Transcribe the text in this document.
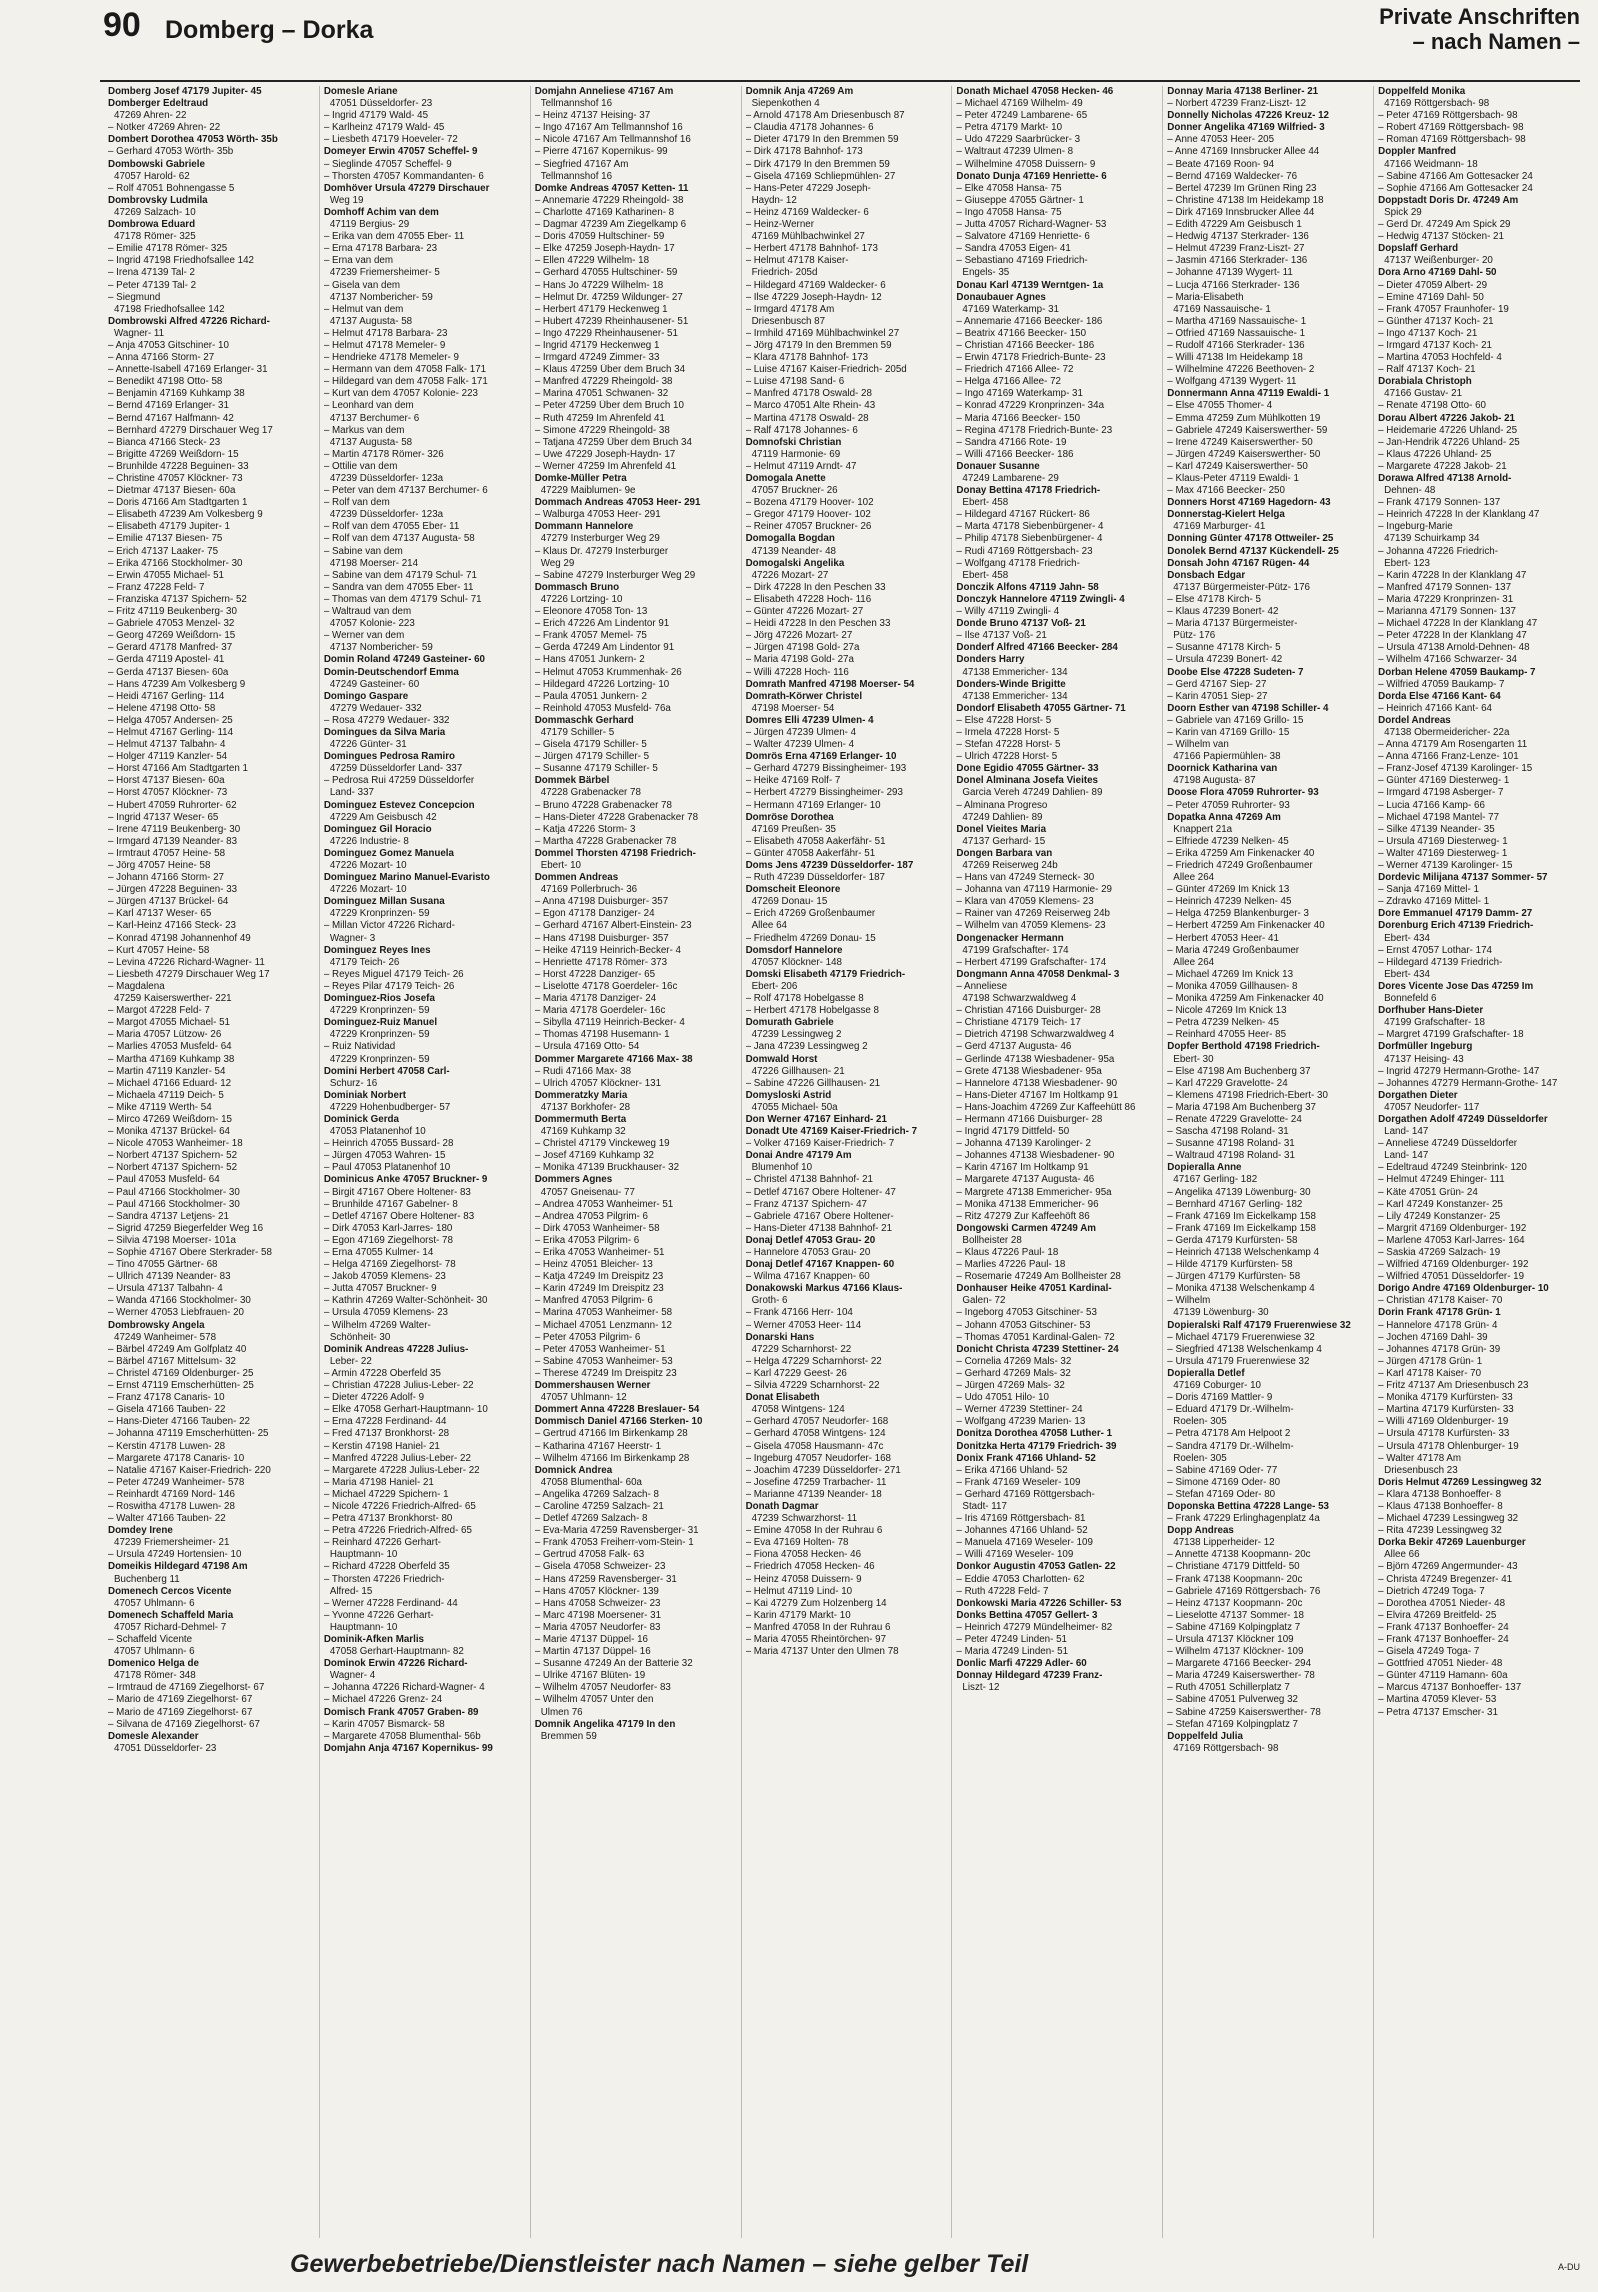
90 Domberg – Dorka	Private Anschriften
– nach Namen –
Domberg Josef 47179 Jupiter- 45
Domberger Edeltraud
47269 Ahren- 22
– Notker 47269 Ahren- 22
Dombert Dorothea 47053 Wörth- 35b
– Gerhard 47053 Wörth- 35b
Dombowski Gabriele
47057 Harold- 62
– Rolf 47051 Bohnengasse 5
Dombrovsky Ludmila
47269 Salzach- 10
Dombrowa Eduard
47178 Römer- 325
– Emilie 47178 Römer- 325
– Ingrid 47198 Friedhofsallee 142
– Irena 47139 Tal- 2
– Peter 47139 Tal- 2
– Siegmund
47198 Friedhofsallee 142
Dombrowski Alfred 47226 Richard-
Wagner- 11
– Anja 47053 Gitschiner- 10
– Anna 47166 Storm- 27
– Annette-Isabell 47169 Erlanger- 31
– Benedikt 47198 Otto- 58
– Benjamin 47169 Kuhkamp 38
– Bernd 47169 Erlanger- 31
– Bernd 47167 Halfmann- 42
– Bernhard 47279 Dirschauer Weg 17
– Bianca 47166 Steck- 23
– Brigitte 47269 Weißdorn- 15
– Brunhilde 47228 Beguinen- 33
– Christine 47057 Klöckner- 73
– Dietmar 47137 Biesen- 60a
– Doris 47166 Am Stadtgarten 1
– Elisabeth 47239 Am Volkesberg 9
– Elisabeth 47179 Jupiter- 1
– Emilie 47137 Biesen- 75
– Erich 47137 Laaker- 75
– Erika 47166 Stockholmer- 30
– Erwin 47055 Michael- 51
– Franz 47228 Feld- 7
– Franziska 47137 Spichern- 52
– Fritz 47119 Beukenberg- 30
– Gabriele 47053 Menzel- 32
– Georg 47269 Weißdorn- 15
– Gerard 47178 Manfred- 37
– Gerda 47119 Apostel- 41
– Gerda 47137 Biesen- 60a
– Hans 47239 Am Volkesberg 9
– Heidi 47167 Gerling- 114
– Helene 47198 Otto- 58
– Helga 47057 Andersen- 25
– Helmut 47167 Gerling- 114
– Helmut 47137 Talbahn- 4
– Holger 47119 Kanzler- 54
– Horst 47166 Am Stadtgarten 1
– Horst 47137 Biesen- 60a
– Horst 47057 Klöckner- 73
– Hubert 47059 Ruhrorter- 62
– Ingrid 47137 Weser- 65
– Irene 47119 Beukenberg- 30
– Irmgard 47139 Neander- 83
– Irmtraut 47057 Heine- 58
– Jörg 47057 Heine- 58
– Johann 47166 Storm- 27
– Jürgen 47228 Beguinen- 33
– Jürgen 47137 Brückel- 64
– Karl 47137 Weser- 65
– Karl-Heinz 47166 Steck- 23
– Konrad 47198 Johannenhof 49
– Kurt 47057 Heine- 58
– Levina 47226 Richard-Wagner- 11
– Liesbeth 47279 Dirschauer Weg 17
– Magdalena
47259 Kaiserswerther- 221
– Margot 47228 Feld- 7
– Margot 47055 Michael- 51
– Maria 47057 Lützow- 26
– Marlies 47053 Musfeld- 64
– Martha 47169 Kuhkamp 38
– Martin 47119 Kanzler- 54
– Michael 47166 Eduard- 12
– Michaela 47119 Deich- 5
– Mike 47119 Werth- 54
– Mirco 47269 Weißdorn- 15
– Monika 47137 Brückel- 64
– Nicole 47053 Wanheimer- 18
– Norbert 47137 Spichern- 52
– Norbert 47137 Spichern- 52
– Paul 47053 Musfeld- 64
– Paul 47166 Stockholmer- 30
– Paul 47166 Stockholmer- 30
– Sandra 47137 Letjens- 21
– Sigrid 47259 Biegerfelder Weg 16
– Silvia 47198 Moerser- 101a
– Sophie 47167 Obere Sterkrader- 58
– Tino 47055 Gärtner- 68
– Ullrich 47139 Neander- 83
– Ursula 47137 Talbahn- 4
– Wanda 47166 Stockholmer- 30
– Werner 47053 Liebfrauen- 20
Dombrowsky Angela
47249 Wanheimer- 578
– Bärbel 47249 Am Golfplatz 40
– Bärbel 47167 Mittelsum- 32
– Christel 47169 Oldenburger- 25
– Ernst 47119 Emscherhütten- 25
– Franz 47178 Canaris- 10
– Gisela 47166 Tauben- 22
– Hans-Dieter 47166 Tauben- 22
– Johanna 47119 Emscherhütten- 25
– Kerstin 47178 Luwen- 28
– Margarete 47178 Canaris- 10
– Natalie 47167 Kaiser-Friedrich- 220
– Peter 47249 Wanheimer- 578
– Reinhardt 47169 Nord- 146
– Roswitha 47178 Luwen- 28
– Walter 47166 Tauben- 22
Domdey Irene
47239 Friemersheimer- 21
– Ursula 47249 Hortensien- 10
Domeikis Hildegard 47198 Am
Buchenberg 11
Domenech Cercos Vicente
47057 Uhlmann- 6
Domenech Schaffeld Maria
47057 Richard-Dehmel- 7
– Schaffeld Vicente
47057 Uhlmann- 6
Domenico Helga de
47178 Römer- 348
– Irmtraud de 47169 Ziegelhorst- 67
– Mario de 47169 Ziegelhorst- 67
– Mario de 47169 Ziegelhorst- 67
– Silvana de 47169 Ziegelhorst- 67
Domesle Alexander
47051 Düsseldorfer- 23
Domesle Ariane
47051 Düsseldorfer- 23
– Ingrid 47179 Wald- 45
– Karlheinz 47179 Wald- 45
– Liesbeth 47179 Hoeveler- 72
Domeyer Erwin 47057 Scheffel- 9
– Sieglinde 47057 Scheffel- 9
– Thorsten 47057 Kommandanten- 6
Domhöver Ursula 47279 Dirschauer
Weg 19
Domhoff Achim van dem
47119 Bergius- 29
– Erika van dem 47055 Eber- 11
– Erna 47178 Barbara- 23
– Erna van dem
47239 Friemersheimer- 5
– Gisela van dem
47137 Nombericher- 59
– Helmut van dem
47137 Augusta- 58
– Helmut 47178 Barbara- 23
– Helmut 47178 Memeler- 9
– Hendrieke 47178 Memeler- 9
– Hermann van dem 47058 Falk- 171
– Hildegard van dem 47058 Falk- 171
– Kurt van dem 47057 Kolonie- 223
– Leonhard van dem
47137 Berchumer- 6
– Markus van dem
47137 Augusta- 58
– Martin 47178 Römer- 326
– Ottilie van dem
47239 Düsseldorfer- 123a
– Peter van dem 47137 Berchumer- 6
– Rolf van dem
47239 Düsseldorfer- 123a
– Rolf van dem 47055 Eber- 11
– Rolf van dem 47137 Augusta- 58
– Sabine van dem
47198 Moerser- 214
– Sabine van dem 47179 Schul- 71
– Sandra van dem 47055 Eber- 11
– Thomas van dem 47179 Schul- 71
– Waltraud van dem
47057 Kolonie- 223
– Werner van dem
47137 Nombericher- 59
Domin Roland 47249 Gasteiner- 60
Domin-Deutschendorf Emma
47249 Gasteiner- 60
Domingo Gaspare
47279 Wedauer- 332
– Rosa 47279 Wedauer- 332
Domingues da Silva Maria
47226 Günter- 31
Domingues Pedrosa Ramiro
47259 Düsseldorfer Land- 337
– Pedrosa Rui 47259 Düsseldorfer
Land- 337
Dominguez Estevez Concepcion
47229 Am Geisbusch 42
Dominguez Gil Horacio
47226 Industrie- 8
Dominguez Gomez Manuela
47226 Mozart- 10
Dominguez Marino Manuel-Evaristo
47226 Mozart- 10
Dominguez Millan Susana
47229 Kronprinzen- 59
– Millan Victor 47226 Richard-
Wagner- 3
Dominguez Reyes Ines
47179 Teich- 26
– Reyes Miguel 47179 Teich- 26
– Reyes Pilar 47179 Teich- 26
Dominguez-Rios Josefa
47229 Kronprinzen- 59
Dominguez-Ruiz Manuel
47229 Kronprinzen- 59
– Ruiz Natividad
47229 Kronprinzen- 59
Domini Herbert 47058 Carl-
Schurz- 16
Dominiak Norbert
47229 Hohenbudberger- 57
Dominick Gerda
47053 Platanenhof 10
– Heinrich 47055 Bussard- 28
– Jürgen 47053 Wahren- 15
– Paul 47053 Platanenhof 10
Dominicus Anke 47057 Bruckner- 9
– Birgit 47167 Obere Holtener- 83
– Brunhilde 47167 Gabelner- 8
– Detlef 47167 Obere Holtener- 83
– Dirk 47053 Karl-Jarres- 180
– Egon 47169 Ziegelhorst- 78
– Erna 47055 Kulmer- 14
– Helga 47169 Ziegelhorst- 78
– Jakob 47059 Klemens- 23
– Jutta 47057 Bruckner- 9
– Kathrin 47269 Walter-Schönheit- 30
– Ursula 47059 Klemens- 23
– Wilhelm 47269 Walter-
Schönheit- 30
Dominik Andreas 47228 Julius-
Leber- 22
– Armin 47228 Oberfeld 35
– Christian 47228 Julius-Leber- 22
– Dieter 47226 Adolf- 9
– Elke 47058 Gerhart-Hauptmann- 10
– Erna 47228 Ferdinand- 44
– Fred 47137 Bronkhorst- 28
– Kerstin 47198 Haniel- 21
– Manfred 47228 Julius-Leber- 22
– Margarete 47228 Julius-Leber- 22
– Maria 47198 Haniel- 21
– Michael 47229 Spichern- 1
– Nicole 47226 Friedrich-Alfred- 65
– Petra 47137 Bronkhorst- 80
– Petra 47226 Friedrich-Alfred- 65
– Reinhard 47226 Gerhart-
Hauptmann- 10
– Richard 47228 Oberfeld 35
– Thorsten 47226 Friedrich-
Alfred- 15
– Werner 47228 Ferdinand- 44
– Yvonne 47226 Gerhart-
Hauptmann- 10
Dominik-Afken Marlis
47058 Gerhart-Hauptmann- 82
Dominok Erwin 47226 Richard-
Wagner- 4
– Johanna 47226 Richard-Wagner- 4
– Michael 47226 Grenz- 24
Domisch Frank 47057 Graben- 89
– Karin 47057 Bismarck- 58
– Margarete 47058 Blumenthal- 56b
Domjahn Anja 47167 Kopernikus- 99
Domjahn Anneliese 47167 Am
Tellmannshof 16
– Heinz 47137 Heising- 37
– Ingo 47167 Am Tellmannshof 16
– Nicole 47167 Am Tellmannshof 16
– Pierre 47167 Kopernikus- 99
– Siegfried 47167 Am
Tellmannshof 16
Domke Andreas 47057 Ketten- 11
– Annemarie 47229 Rheingold- 38
– Charlotte 47169 Katharinen- 8
– Dagmar 47239 Am Ziegelkamp 6
– Doris 47059 Hultschiner- 59
– Elke 47259 Joseph-Haydn- 17
– Ellen 47229 Wilhelm- 18
– Gerhard 47055 Hultschiner- 59
– Hans Jo 47229 Wilhelm- 18
– Helmut Dr. 47259 Wildunger- 27
– Herbert 47179 Heckenweg 1
– Hubert 47239 Rheinhausener- 51
– Ingo 47229 Rheinhausener- 51
– Ingrid 47179 Heckenweg 1
– Irmgard 47249 Zimmer- 33
– Klaus 47259 Über dem Bruch 34
– Manfred 47229 Rheingold- 38
– Marina 47051 Schwanen- 32
– Peter 47259 Über dem Bruch 10
– Ruth 47259 Im Ahrenfeld 41
– Simone 47229 Rheingold- 38
– Tatjana 47259 Über dem Bruch 34
– Uwe 47229 Joseph-Haydn- 17
– Werner 47259 Im Ahrenfeld 41
Domke-Müller Petra
47229 Maiblumen- 9e
Dommach Andreas 47053 Heer- 291
– Walburga 47053 Heer- 291
Dommann Hannelore
47279 Insterburger Weg 29
– Klaus Dr. 47279 Insterburger
Weg 29
– Sabine 47279 Insterburger Weg 29
Dommasch Bruno
47226 Lortzing- 10
– Eleonore 47058 Ton- 13
– Erich 47226 Am Lindentor 91
– Frank 47057 Memel- 75
– Gerda 47249 Am Lindentor 91
– Hans 47051 Junkern- 2
– Helmut 47053 Krummenhak- 26
– Hildegard 47226 Lortzing- 10
– Paula 47051 Junkern- 2
– Reinhold 47053 Musfeld- 76a
Dommaschk Gerhard
47179 Schiller- 5
– Gisela 47179 Schiller- 5
– Jürgen 47179 Schiller- 5
– Susanne 47179 Schiller- 5
Dommek Bärbel
47228 Grabenacker 78
– Bruno 47228 Grabenacker 78
– Hans-Dieter 47228 Grabenacker 78
– Katja 47226 Storm- 3
– Martha 47228 Grabenacker 78
Dommel Thorsten 47198 Friedrich-
Ebert- 10
Dommen Andreas
47169 Pollerbruch- 36
– Anna 47198 Duisburger- 357
– Egon 47178 Danziger- 24
– Gerhard 47167 Albert-Einstein- 23
– Hans 47198 Duisburger- 357
– Heike 47119 Heinrich-Becker- 4
– Henriette 47178 Römer- 373
– Horst 47228 Danziger- 65
– Liselotte 47178 Goerdeler- 16c
– Maria 47178 Danziger- 24
– Maria 47178 Goerdeler- 16c
– Sibylla 47119 Heinrich-Becker- 4
– Thomas 47198 Husemann- 1
– Ursula 47169 Otto- 54
Dommer Margarete 47166 Max- 38
– Rudi 47166 Max- 38
– Ulrich 47057 Klöckner- 131
Dommeratzky Maria
47137 Borkhofer- 28
Dommermuth Berta
47169 Kuhkamp 32
– Christel 47179 Vinckeweg 19
– Josef 47169 Kuhkamp 32
– Monika 47139 Bruckhauser- 32
Dommers Agnes
47057 Gneisenau- 77
– Andrea 47053 Wanheimer- 51
– Andrea 47053 Pilgrim- 6
– Dirk 47053 Wanheimer- 58
– Erika 47053 Pilgrim- 6
– Erika 47053 Wanheimer- 51
– Heinz 47051 Bleicher- 13
– Katja 47249 Im Dreispitz 23
– Karin 47249 Im Dreispitz 23
– Manfred 47053 Pilgrim- 6
– Marina 47053 Wanheimer- 58
– Michael 47051 Lenzmann- 12
– Peter 47053 Pilgrim- 6
– Peter 47053 Wanheimer- 51
– Sabine 47053 Wanheimer- 53
– Therese 47249 Im Dreispitz 23
Dommershausen Werner
47057 Uhlmann- 12
Dommert Anna 47228 Breslauer- 54
Dommisch Daniel 47166 Sterken- 10
– Gertrud 47166 Im Birkenkamp 28
– Katharina 47167 Heerstr- 1
– Wilhelm 47166 Im Birkenkamp 28
Domnick Andrea
47058 Blumenthal- 60a
– Angelika 47269 Salzach- 8
– Caroline 47259 Salzach- 21
– Detlef 47269 Salzach- 8
– Eva-Maria 47259 Ravensberger- 31
– Frank 47053 Freiherr-vom-Stein- 1
– Gertrud 47058 Falk- 63
– Gisela 47058 Schweizer- 23
– Hans 47259 Ravensberger- 31
– Hans 47057 Klöckner- 139
– Hans 47058 Schweizer- 23
– Marc 47198 Moersener- 31
– Maria 47057 Neudorfer- 83
– Marie 47137 Düppel- 16
– Martin 47137 Düppel- 16
– Susanne 47249 An der Batterie 32
– Ulrike 47167 Blüten- 19
– Wilhelm 47057 Neudorfer- 83
– Wilhelm 47057 Unter den
Ulmen 76
Domnik Angelika 47179 In den
Bremmen 59
Domnik Anja 47269 Am
Siepenkothen 4
– Arnold 47178 Am Driesenbusch 87
– Claudia 47178 Johannes- 6
– Dieter 47179 In den Bremmen 59
– Dirk 47178 Bahnhof- 173
– Dirk 47179 In den Bremmen 59
– Gisela 47169 Schliepmühlen- 27
– Hans-Peter 47229 Joseph-
Haydn- 12
– Heinz 47169 Waldecker- 6
– Heinz-Werner
47169 Mühlbachwinkel 27
– Herbert 47178 Bahnhof- 173
– Helmut 47178 Kaiser-
Friedrich- 205d
– Hildegard 47169 Waldecker- 6
– Ilse 47229 Joseph-Haydn- 12
– Irmgard 47178 Am
Driesenbusch 87
– Irmhild 47169 Mühlbachwinkel 27
– Jörg 47179 In den Bremmen 59
– Klara 47178 Bahnhof- 173
– Luise 47167 Kaiser-Friedrich- 205d
– Luise 47198 Sand- 6
– Manfred 47178 Oswald- 28
– Marco 47051 Alte Rhein- 43
– Martina 47178 Oswald- 28
– Ralf 47178 Johannes- 6
Domnofski Christian
47119 Harmonie- 69
– Helmut 47119 Arndt- 47
Domogala Anette
47057 Bruckner- 26
– Bozena 47179 Hoover- 102
– Gregor 47179 Hoover- 102
– Reiner 47057 Bruckner- 26
Domogalla Bogdan
47139 Neander- 48
Domogalski Angelika
47226 Mozart- 27
– Dirk 47228 In den Peschen 33
– Elisabeth 47228 Hoch- 116
– Günter 47226 Mozart- 27
– Heidi 47228 In den Peschen 33
– Jörg 47226 Mozart- 27
– Jürgen 47198 Gold- 27a
– Maria 47198 Gold- 27a
– Willi 47228 Hoch- 116
Domrath Manfred 47198 Moerser- 54
Domrath-Körwer Christel
47198 Moerser- 54
Domres Elli 47239 Ulmen- 4
– Jürgen 47239 Ulmen- 4
– Walter 47239 Ulmen- 4
Domrös Erna 47169 Erlanger- 10
– Gerhard 47279 Bissingheimer- 193
– Heike 47169 Rolf- 7
– Herbert 47279 Bissingheimer- 293
– Hermann 47169 Erlanger- 10
Domröse Dorothea
47169 Preußen- 35
– Elisabeth 47058 Aakerfähr- 51
– Günter 47058 Aakerfähr- 51
Doms Jens 47239 Düsseldorfer- 187
– Ruth 47239 Düsseldorfer- 187
Domscheit Eleonore
47269 Donau- 15
– Erich 47269 Großenbaumer
Allee 64
– Friedhelm 47269 Donau- 15
Domsdorf Hannelore
47057 Klöckner- 148
Domski Elisabeth 47179 Friedrich-
Ebert- 206
– Rolf 47178 Hobelgasse 8
– Herbert 47178 Hobelgasse 8
Domurath Gabriele
47239 Lessingweg 2
– Jana 47239 Lessingweg 2
Domwald Horst
47226 Gillhausen- 21
– Sabine 47226 Gillhausen- 21
Domysloski Astrid
47055 Michael- 50a
Don Werner 47167 Einhard- 21
Donadt Ute 47169 Kaiser-Friedrich- 7
– Volker 47169 Kaiser-Friedrich- 7
Donai Andre 47179 Am
Blumenhof 10
– Christel 47138 Bahnhof- 21
– Detlef 47167 Obere Holtener- 47
– Franz 47137 Spichern- 47
– Gabriele 47167 Obere Holtener-
– Hans-Dieter 47138 Bahnhof- 21
Donaj Detlef 47053 Grau- 20
– Hannelore 47053 Grau- 20
Donaj Detlef 47167 Knappen- 60
– Wilma 47167 Knappen- 60
Donakowski Markus 47166 Klaus-
Groth- 6
– Frank 47166 Herr- 104
– Werner 47053 Heer- 114
Donarski Hans
47229 Scharnhorst- 22
– Helga 47229 Scharnhorst- 22
– Karl 47229 Geest- 26
– Silvia 47229 Scharnhorst- 22
Donat Elisabeth
47058 Wintgens- 124
– Gerhard 47057 Neudorfer- 168
– Gerhard 47058 Wintgens- 124
– Gisela 47058 Hausmann- 47c
– Ingeburg 47057 Neudorfer- 168
– Joachim 47239 Düsseldorfer- 271
– Josefine 47259 Trarbacher- 11
– Marianne 47139 Neander- 18
Donath Dagmar
47239 Schwarzhorst- 11
– Emine 47058 In der Ruhrau 6
– Eva 47169 Holten- 78
– Fiona 47058 Hecken- 46
– Friedrich 47058 Hecken- 46
– Heinz 47058 Duissern- 9
– Helmut 47119 Lind- 10
– Kai 47279 Zum Holzenberg 14
– Karin 47179 Markt- 10
– Manfred 47058 In der Ruhrau 6
– Maria 47055 Rheintörchen- 97
– Maria 47137 Unter den Ulmen 78
Donath Michael 47058 Hecken- 46
– Michael 47169 Wilhelm- 49
– Peter 47249 Lambarene- 65
– Petra 47179 Markt- 10
– Udo 47229 Saarbrücker- 3
– Waltraut 47239 Ulmen- 8
– Wilhelmine 47058 Duissern- 9
Donato Dunja 47169 Henriette- 6
– Elke 47058 Hansa- 75
– Giuseppe 47055 Gärtner- 1
– Ingo 47058 Hansa- 75
– Jutta 47057 Richard-Wagner- 53
– Salvatore 47169 Henriette- 6
– Sandra 47053 Eigen- 41
– Sebastiano 47169 Friedrich-
Engels- 35
Donau Karl 47139 Werntgen- 1a
Donaubauer Agnes
47169 Waterkamp- 31
– Annemarie 47166 Beecker- 186
– Beatrix 47166 Beecker- 150
– Christian 47166 Beecker- 186
– Erwin 47178 Friedrich-Bunte- 23
– Friedrich 47166 Allee- 72
– Helga 47166 Allee- 72
– Ingo 47169 Waterkamp- 31
– Konrad 47229 Kronprinzen- 34a
– Maria 47166 Beecker- 150
– Regina 47178 Friedrich-Bunte- 23
– Sandra 47166 Rote- 19
– Willi 47166 Beecker- 186
Donauer Susanne
47249 Lambarene- 29
Donay Bettina 47178 Friedrich-
Ebert- 458
– Hildegard 47167 Rückert- 86
– Marta 47178 Siebenbürgener- 4
– Philip 47178 Siebenbürgener- 4
– Rudi 47169 Röttgersbach- 23
– Wolfgang 47178 Friedrich-
Ebert- 458
Donczik Alfons 47119 Jahn- 58
Donczyk Hannelore 47119 Zwingli- 4
– Willy 47119 Zwingli- 4
Donde Bruno 47137 Voß- 21
– Ilse 47137 Voß- 21
Donderf Alfred 47166 Beecker- 284
Donders Harry
47138 Emmericher- 134
Donders-Winde Brigitte
47138 Emmericher- 134
Dondorf Elisabeth 47055 Gärtner- 71
– Else 47228 Horst- 5
– Irmela 47228 Horst- 5
– Stefan 47228 Horst- 5
– Ulrich 47228 Horst- 5
Done Egidio 47055 Gärtner- 33
Donel Alminana Josefa Vieites
Garcia Vereh 47249 Dahlien- 89
– Alminana Progreso
47249 Dahlien- 89
Donel Vieites Maria
47137 Gerhard- 15
Dongen Barbara van
47269 Reiserweg 24b
– Hans van 47249 Sterneck- 30
– Johanna van 47119 Harmonie- 29
– Klara van 47059 Klemens- 23
– Rainer van 47269 Reiserweg 24b
– Wilhelm van 47059 Klemens- 23
Dongenacker Hermann
47199 Grafschafter- 174
– Herbert 47199 Grafschafter- 174
Dongmann Anna 47058 Denkmal- 3
– Anneliese
47198 Schwarzwaldweg 4
– Christian 47166 Duisburger- 28
– Christiane 47179 Teich- 17
– Dietrich 47198 Schwarzwaldweg 4
– Gerd 47137 Augusta- 46
– Gerlinde 47138 Wiesbadener- 95a
– Grete 47138 Wiesbadener- 95a
– Hannelore 47138 Wiesbadener- 90
– Hans-Dieter 47167 Im Holtkamp 91
– Hans-Joachim 47269 Zur Kaffeehütt 86
– Hermann 47166 Duisburger- 28
– Ingrid 47179 Dittfeld- 50
– Johanna 47139 Karolinger- 2
– Johannes 47138 Wiesbadener- 90
– Karin 47167 Im Holtkamp 91
– Margarete 47137 Augusta- 46
– Margrete 47138 Emmericher- 95a
– Monika 47138 Emmericher- 96
– Ritz 47279 Zur Kaffeehöft 86
Dongowski Carmen 47249 Am
Bollheister 28
– Klaus 47226 Paul- 18
– Marlies 47226 Paul- 18
– Rosemarie 47249 Am Bollheister 28
Donhauser Heike 47051 Kardinal-
Galen- 72
– Ingeborg 47053 Gitschiner- 53
– Johann 47053 Gitschiner- 53
– Thomas 47051 Kardinal-Galen- 72
Donicht Christa 47239 Stettiner- 24
– Cornelia 47269 Mals- 32
– Gerhard 47269 Mals- 32
– Jürgen 47269 Mals- 32
– Udo 47051 Hilo- 10
– Werner 47239 Stettiner- 24
– Wolfgang 47239 Marien- 13
Donitza Dorothea 47058 Luther- 1
Donitzka Herta 47179 Friedrich- 39
Donix Frank 47166 Uhland- 52
– Erika 47166 Uhland- 52
– Frank 47169 Weseler- 109
– Gerhard 47169 Röttgersbach-
Stadt- 117
– Iris 47169 Röttgersbach- 81
– Johannes 47166 Uhland- 52
– Manuela 47169 Weseler- 109
– Willi 47169 Weseler- 109
Donkor Augustin 47053 Gatlen- 22
– Eddie 47053 Charlotten- 62
– Ruth 47228 Feld- 7
Donkowski Maria 47226 Schiller- 53
Donks Bettina 47057 Gellert- 3
– Heinrich 47279 Mündelheimer- 82
– Peter 47249 Linden- 51
– Maria 47249 Linden- 51
Donlic Marfi 47229 Adler- 60
Donnay Hildegard 47239 Franz-
Liszt- 12
Donnay Maria 47138 Berliner- 21
– Norbert 47239 Franz-Liszt- 12
Donnelly Nicholas 47226 Kreuz- 12
Donner Angelika 47169 Wilfried- 3
– Anne 47053 Heer- 205
– Anne 47169 Innsbrucker Allee 44
– Beate 47169 Roon- 94
– Bernd 47169 Waldecker- 76
– Bertel 47239 Im Grünen Ring 23
– Christine 47138 Im Heidekamp 18
– Dirk 47169 Innsbrucker Allee 44
– Edith 47229 Am Geisbusch 1
– Hedwig 47137 Sterkrader- 136
– Helmut 47239 Franz-Liszt- 27
– Jasmin 47166 Sterkrader- 136
– Johanne 47139 Wygert- 11
– Lucja 47166 Sterkrader- 136
– Maria-Elisabeth
47169 Nassauische- 1
– Martha 47169 Nassauische- 1
– Otfried 47169 Nassauische- 1
– Rudolf 47166 Sterkrader- 136
– Willi 47138 Im Heidekamp 18
– Wilhelmine 47226 Beethoven- 2
– Wolfgang 47139 Wygert- 11
Donnermann Anna 47119 Ewaldi- 1
– Else 47055 Thomer- 4
– Emma 47259 Zum Mühlkotten 19
– Gabriele 47249 Kaiserswerther- 59
– Irene 47249 Kaiserswerther- 50
– Jürgen 47249 Kaiserswerther- 50
– Karl 47249 Kaiserswerther- 50
– Klaus-Peter 47119 Ewaldi- 1
– Max 47166 Beecker- 250
Donners Horst 47169 Hagedorn- 43
Donnerstag-Kielert Helga
47169 Marburger- 41
Donning Günter 47178 Ottweiler- 25
Donolek Bernd 47137 Kückendell- 25
Donsah John 47167 Rügen- 44
Donsbach Edgar
47137 Bürgermeister-Pütz- 176
– Else 47178 Kirch- 5
– Klaus 47239 Bonert- 42
– Maria 47137 Bürgermeister-
Pütz- 176
– Susanne 47178 Kirch- 5
– Ursula 47239 Bonert- 42
Doobe Else 47228 Sudeten- 7
– Gerd 47167 Siep- 27
– Karin 47051 Siep- 27
Doorn Esther van 47198 Schiller- 4
– Gabriele van 47169 Grillo- 15
– Karin van 47169 Grillo- 15
– Wilhelm van
47166 Papiermühlen- 38
Doornick Katharina van
47198 Augusta- 87
Doose Flora 47059 Ruhrorter- 93
– Peter 47059 Ruhrorter- 93
Dopatka Anna 47269 Am
Knappert 21a
– Elfriede 47239 Nelken- 45
– Erika 47259 Am Finkenacker 40
– Friedrich 47249 Großenbaumer
Allee 264
– Günter 47269 Im Knick 13
– Heinrich 47239 Nelken- 45
– Helga 47259 Blankenburger- 3
– Herbert 47259 Am Finkenacker 40
– Herbert 47053 Heer- 41
– Maria 47249 Großenbaumer
Allee 264
– Michael 47269 Im Knick 13
– Monika 47059 Gillhausen- 8
– Monika 47259 Am Finkenacker 40
– Nicole 47269 Im Knick 13
– Petra 47239 Nelken- 45
– Reinhard 47055 Heer- 85
Dopfer Berthold 47198 Friedrich-
Ebert- 30
– Else 47198 Am Buchenberg 37
– Karl 47229 Gravelotte- 24
– Klemens 47198 Friedrich-Ebert- 30
– Maria 47198 Am Buchenberg 37
– Renate 47229 Gravelotte- 24
– Sascha 47198 Roland- 31
– Susanne 47198 Roland- 31
– Waltraud 47198 Roland- 31
Dopieralla Anne
47167 Gerling- 182
– Angelika 47139 Löwenburg- 30
– Bernhard 47167 Gerling- 182
– Frank 47169 Im Eickelkamp 158
– Frank 47169 Im Eickelkamp 158
– Gerda 47179 Kurfürsten- 58
– Heinrich 47138 Welschenkamp 4
– Hilde 47179 Kurfürsten- 58
– Jürgen 47179 Kurfürsten- 58
– Monika 47138 Welschenkamp 4
– Wilhelm
47139 Löwenburg- 30
Dopieralski Ralf 47179 Fruerenwiese 32
– Michael 47179 Fruerenwiese 32
– Siegfried 47138 Welschenkamp 4
– Ursula 47179 Fruerenwiese 32
Dopieralla Detlef
47169 Coburger- 10
– Doris 47169 Mattler- 9
– Eduard 47179 Dr.-Wilhelm-
Roelen- 305
– Petra 47178 Am Helpoot 2
– Sandra 47179 Dr.-Wilhelm-
Roelen- 305
– Sabine 47169 Oder- 77
– Simone 47169 Oder- 80
– Stefan 47169 Oder- 80
Doponska Bettina 47228 Lange- 53
– Frank 47229 Erlinghagenplatz 4a
Dopp Andreas
47138 Lipperheider- 12
– Annette 47138 Koopmann- 20c
– Christiane 47179 Dittfeld- 50
– Frank 47138 Koopmann- 20c
– Gabriele 47169 Röttgersbach- 76
– Heinz 47137 Koopmann- 20c
– Lieselotte 47137 Sommer- 18
– Sabine 47169 Kolpingplatz 7
– Ursula 47137 Klöckner 109
– Wilhelm 47137 Klöckner- 109
– Margarete 47166 Beecker- 294
– Maria 47249 Kaiserswerther- 78
– Ruth 47051 Schillerplatz 7
– Sabine 47051 Pulverweg 32
– Sabine 47259 Kaiserswerther- 78
– Stefan 47169 Kolpingplatz 7
Doppelfeld Julia
47169 Röttgersbach- 98
Doppelfeld Monika
47169 Röttgersbach- 98
– Peter 47169 Röttgersbach- 98
– Robert 47169 Röttgersbach- 98
– Roman 47169 Röttgersbach- 98
Doppler Manfred
47166 Weidmann- 18
– Sabine 47166 Am Gottesacker 24
– Sophie 47166 Am Gottesacker 24
Doppstadt Doris Dr. 47249 Am
Spick 29
– Gerd Dr. 47249 Am Spick 29
– Hedwig 47137 Stöcken- 21
Dopslaff Gerhard
47137 Weißenburger- 20
Dora Arno 47169 Dahl- 50
– Dieter 47059 Albert- 29
– Emine 47169 Dahl- 50
– Frank 47057 Fraunhofer- 19
– Günther 47137 Koch- 21
– Ingo 47137 Koch- 21
– Irmgard 47137 Koch- 21
– Martina 47053 Hochfeld- 4
– Ralf 47137 Koch- 21
Dorabiala Christoph
47166 Gustav- 21
– Renate 47198 Otto- 60
Dorau Albert 47226 Jakob- 21
– Heidemarie 47226 Uhland- 25
– Jan-Hendrik 47226 Uhland- 25
– Klaus 47226 Uhland- 25
– Margarete 47228 Jakob- 21
Dorawa Alfred 47138 Arnold-
Dehnen- 48
– Frank 47179 Sonnen- 137
– Heinrich 47228 In der Klanklang 47
– Ingeburg-Marie
47139 Schuirkamp 34
– Johanna 47226 Friedrich-
Ebert- 123
– Karin 47228 In der Klanklang 47
– Manfred 47179 Sonnen- 137
– Maria 47229 Kronprinzen- 31
– Marianna 47179 Sonnen- 137
– Michael 47228 In der Klanklang 47
– Peter 47228 In der Klanklang 47
– Ursula 47138 Arnold-Dehnen- 48
– Wilhelm 47166 Schwarzer- 34
Dorban Helene 47059 Baukamp- 7
– Wilfried 47059 Baukamp- 7
Dorda Else 47166 Kant- 64
– Heinrich 47166 Kant- 64
Dordel Andreas
47138 Obermeidericher- 22a
– Anna 47179 Am Rosengarten 11
– Anna 47166 Franz-Lenze- 101
– Franz-Josef 47139 Karolinger- 15
– Günter 47169 Diesterweg- 1
– Irmgard 47198 Asberger- 7
– Lucia 47166 Kamp- 66
– Michael 47198 Mantel- 77
– Silke 47139 Neander- 35
– Ursula 47169 Diesterweg- 1
– Walter 47169 Diesterweg- 1
– Werner 47139 Karolinger- 15
Dordevic Milijana 47137 Sommer- 57
– Sanja 47169 Mittel- 1
– Zdravko 47169 Mittel- 1
Dore Emmanuel 47179 Damm- 27
Dorenburg Erich 47139 Friedrich-
Ebert- 434
– Ernst 47057 Lothar- 174
– Hildegard 47139 Friedrich-
Ebert- 434
Dores Vicente Jose Das 47259 Im
Bonnefeld 6
Dorfhuber Hans-Dieter
47199 Grafschafter- 18
– Margret 47199 Grafschafter- 18
Dorfmüller Ingeburg
47137 Heising- 43
– Ingrid 47279 Hermann-Grothe- 147
– Johannes 47279 Hermann-Grothe- 147
Dorgathen Dieter
47057 Neudorfer- 117
Dorgathen Adolf 47249 Düsseldorfer
Land- 147
– Anneliese 47249 Düsseldorfer
Land- 147
– Edeltraud 47249 Steinbrink- 120
– Helmut 47249 Ehinger- 111
– Käte 47051 Grün- 24
– Karl 47249 Konstanzer- 25
– Lily 47249 Konstanzer- 25
– Margrit 47169 Oldenburger- 192
– Marlene 47053 Karl-Jarres- 164
– Saskia 47269 Salzach- 19
– Wilfried 47169 Oldenburger- 192
– Wilfried 47051 Düsseldorfer- 19
Dorigo Andre 47169 Oldenburger- 10
– Christian 47178 Kaiser- 70
Dorin Frank 47178 Grün- 1
– Hannelore 47178 Grün- 4
– Jochen 47169 Dahl- 39
– Johannes 47178 Grün- 39
– Jürgen 47178 Grün- 1
– Karl 47178 Kaiser- 70
– Fritz 47137 Am Driesenbusch 23
– Monika 47179 Kurfürsten- 33
– Martina 47179 Kurfürsten- 33
– Willi 47169 Oldenburger- 19
– Ursula 47178 Kurfürsten- 33
– Ursula 47178 Ohlenburger- 19
– Walter 47178 Am
Driesenbusch 23
Doris Helmut 47269 Lessingweg 32
– Klara 47138 Bonhoeffer- 8
– Klaus 47138 Bonhoeffer- 8
– Michael 47239 Lessingweg 32
– Rita 47239 Lessingweg 32
Dorka Bekir 47269 Lauenburger
Allee 66
– Björn 47269 Angermunder- 43
– Christa 47249 Bregenzer- 41
– Dietrich 47249 Toga- 7
– Dorothea 47051 Nieder- 48
– Elvira 47269 Breitfeld- 25
– Frank 47137 Bonhoeffer- 24
– Frank 47137 Bonhoeffer- 24
– Gisela 47249 Toga- 7
– Gottfried 47051 Nieder- 48
– Günter 47119 Hamann- 60a
– Marcus 47137 Bonhoeffer- 137
– Martina 47059 Klever- 53
– Petra 47137 Emscher- 31
Gewerbebetriebe/Dienstleister nach Namen – siehe gelber Teil	A-DU
